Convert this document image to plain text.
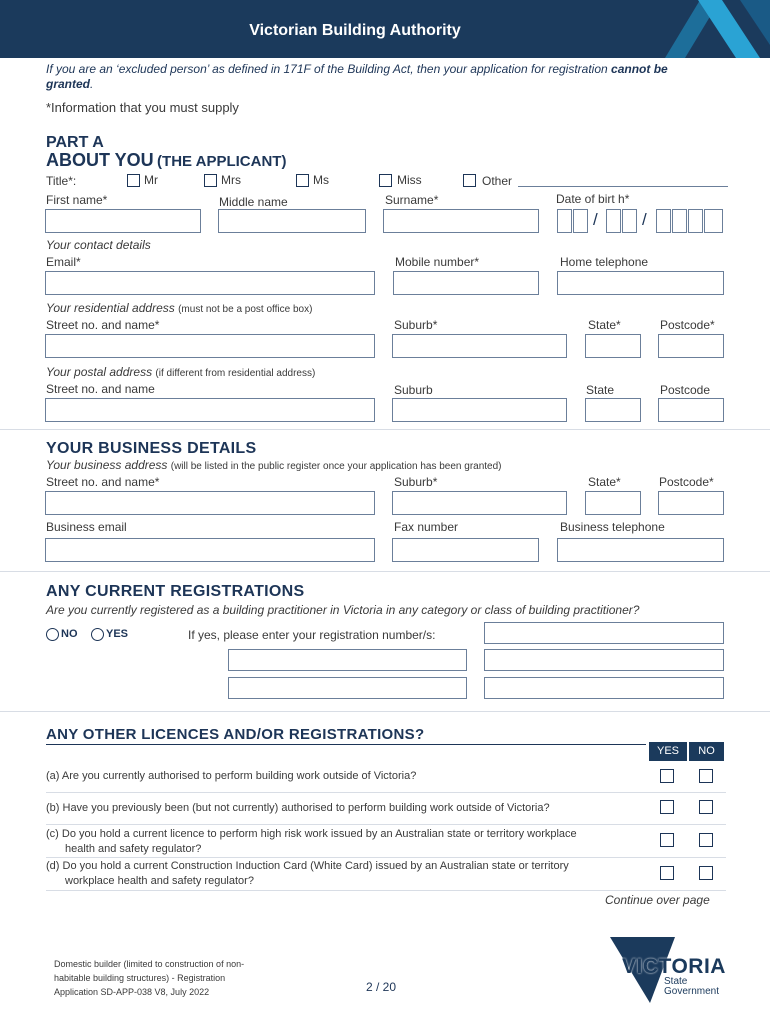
Victorian Building Authority
If you are an ‘excluded person’ as defined in 171F of the Building Act, then your application for registration cannot be
granted.
*Information that you must supply
PART A
ABOUT YOU (THE APPLICANT)
Title*:	Mr	Mrs	Ms	Miss	Other
First name*	Middle name	Surname*	Date of birt h*
/	/
Your contact details
Email*	Mobile number*	Home telephone
Your residential address (must not be a post office box)
Street no. and name*	Suburb*	State*	Postcode*
Your postal address (if different from residential address)
Street no. and name	Suburb	State	Postcode
YOUR BUSINESS DETAILS
Your business address (will be listed in the public register once your application has been granted)
Street no. and name*	Suburb*	State*	Postcode*
Business email	Fax number	Business telephone
ANY CURRENT REGISTRATIONS
Are you currently registered as a building practitioner in Victoria in any category or class of building practitioner?
NO	YES	If yes, please enter your registration number/s:
ANY OTHER LICENCES AND/OR REGISTRATIONS?
YES	NO
(a) Are you currently authorised to perform building work outside of Victoria?
(b) Have you previously been (but not currently) authorised to perform building work outside of Victoria?
(c) Do you hold a current licence to perform high risk work issued by an Australian state or territory workplace
health and safety regulator?
(d) Do you hold a current Construction Induction Card (White Card) issued by an Australian state or territory
workplace health and safety regulator?
Continue over page
Domestic builder (limited to construction of non-
habitable building structures) - Registration
Application SD-APP-038 V8, July 2022	2 / 20
VICTORIA
State
Government
